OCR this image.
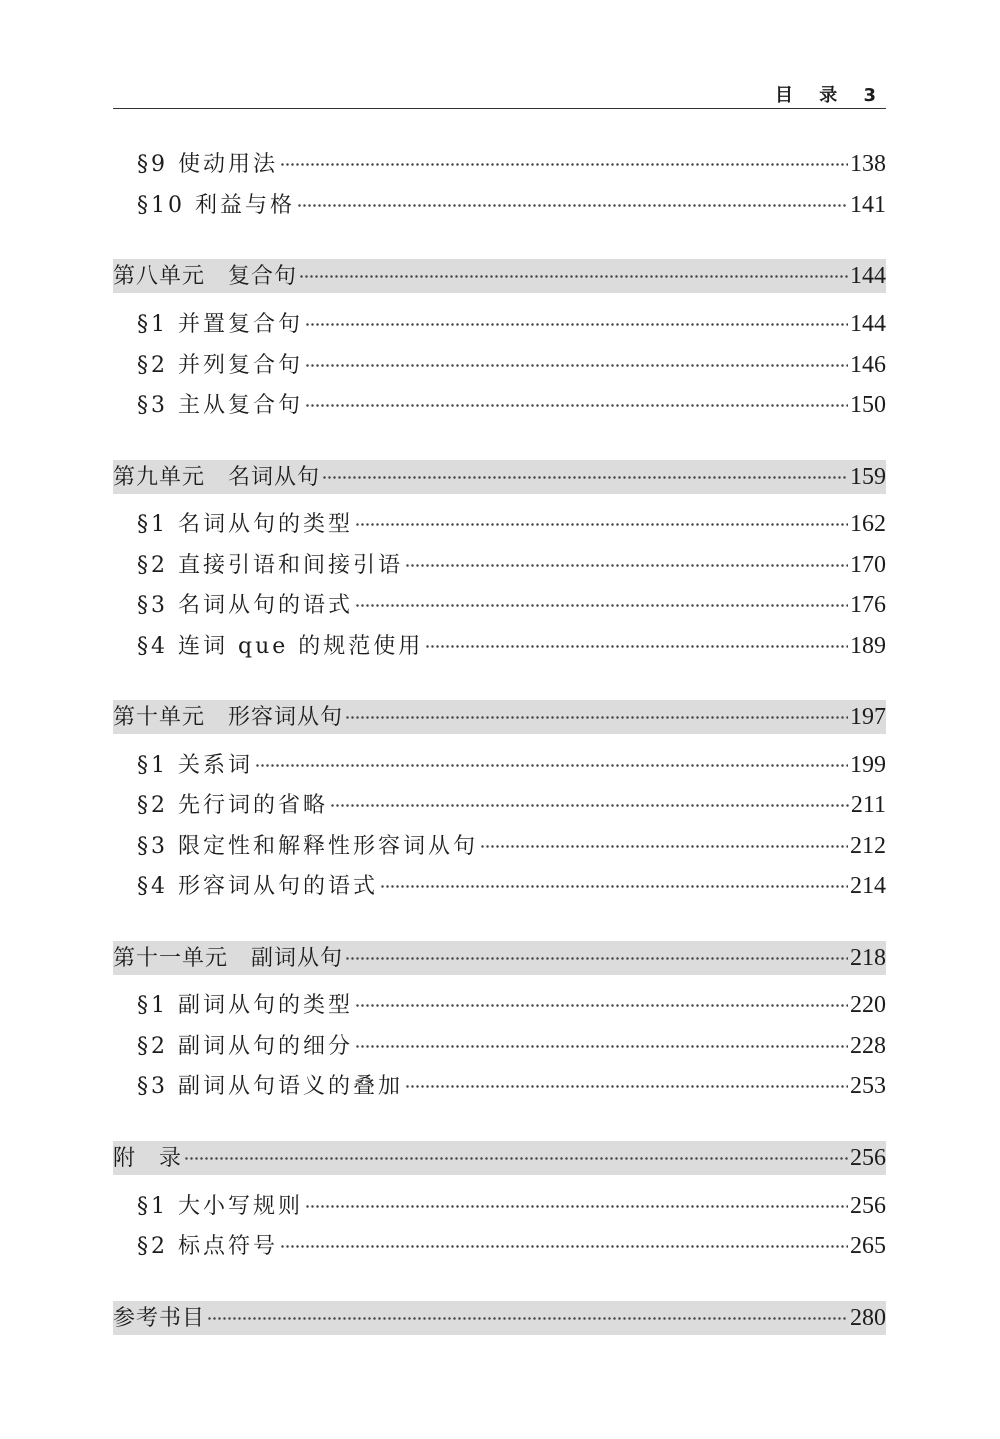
目 录 3
§9 使动用法	138
§10 利益与格	141
第八单元　复合句	144
§1 并置复合句	144
§2 并列复合句	146
§3 主从复合句	150
第九单元　名词从句	159
§1 名词从句的类型	162
§2 直接引语和间接引语	170
§3 名词从句的语式	176
§4 连词 que 的规范使用	189
第十单元　形容词从句	197
§1 关系词	199
§2 先行词的省略	211
§3 限定性和解释性形容词从句	212
§4 形容词从句的语式	214
第十一单元　副词从句	218
§1 副词从句的类型	220
§2 副词从句的细分	228
§3 副词从句语义的叠加	253
附　录	256
§1 大小写规则	256
§2 标点符号	265
参考书目	280
